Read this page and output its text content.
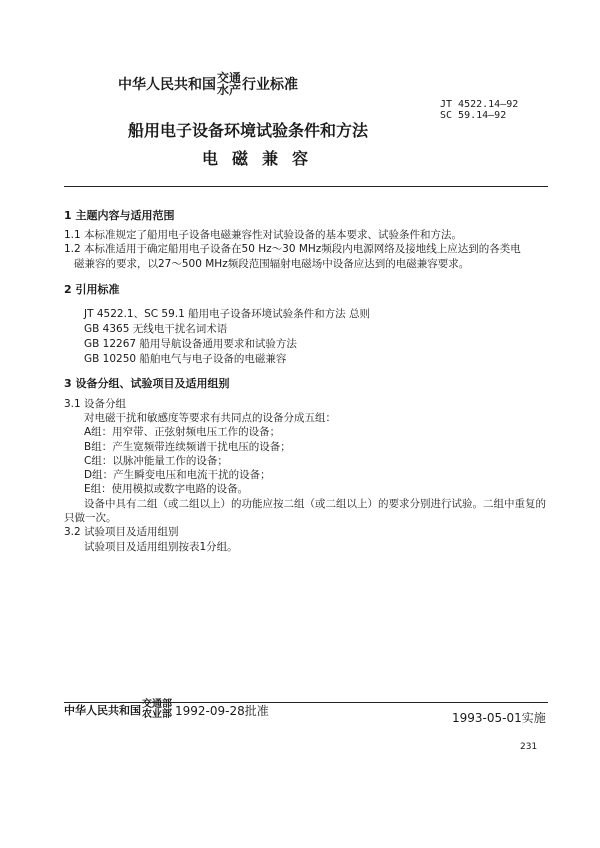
中华人民共和国 交通
水产 行业标准
JT 4522.14—92
SC 59.14—92
船用电子设备环境试验条件和方法
电磁兼容
1 主题内容与适用范围
1.1 本标准规定了船用电子设备电磁兼容性对试验设备的基本要求、试验条件和方法。
1.2 本标准适用于确定船用电子设备在50 Hz～30 MHz频段内电源网络及接地线上应达到的各类电
磁兼容的要求，以27～500 MHz频段范围辐射电磁场中设备应达到的电磁兼容要求。
2 引用标准
JT 4522.1、SC 59.1 船用电子设备环境试验条件和方法 总则
GB 4365 无线电干扰名词术语
GB 12267 船用导航设备通用要求和试验方法
GB 10250 船舶电气与电子设备的电磁兼容
3 设备分组、试验项目及适用组别
3.1 设备分组
对电磁干扰和敏感度等要求有共同点的设备分成五组：
A组：用窄带、正弦射频电压工作的设备；
B组：产生宽频带连续频谱干扰电压的设备；
C组：以脉冲能量工作的设备；
D组：产生瞬变电压和电流干扰的设备；
E组：使用模拟或数字电路的设备。
设备中具有二组（或二组以上）的功能应按二组（或二组以上）的要求分别进行试验。二组中重复的
只做一次。
3.2 试验项目及适用组别
试验项目及适用组别按表1分组。
中华人民共和国 交通部
农业部 1992-09-28批准
1993-05-01实施
231
